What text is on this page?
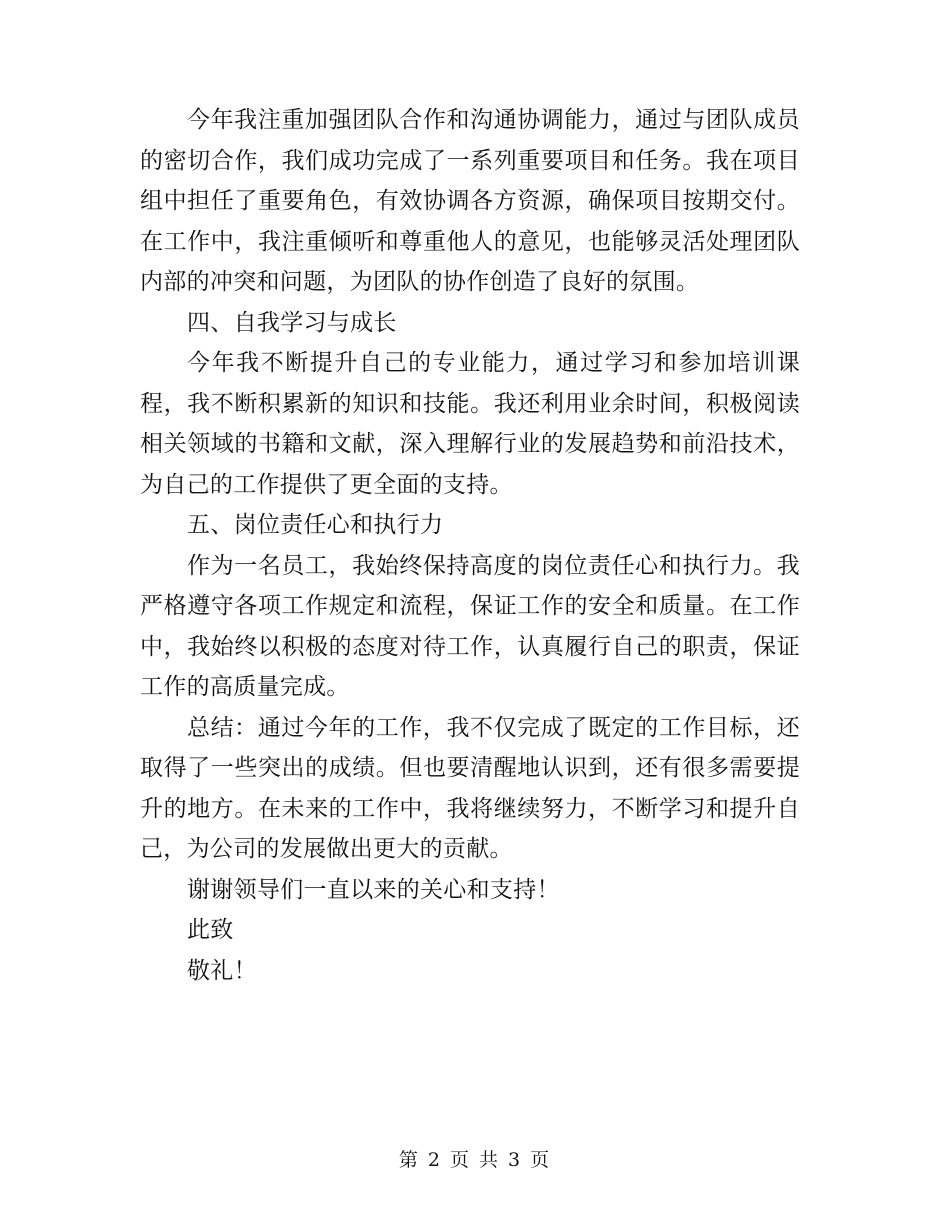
今年我注重加强团队合作和沟通协调能力，通过与团队成员的密切合作，我们成功完成了一系列重要项目和任务。我在项目组中担任了重要角色，有效协调各方资源，确保项目按期交付。在工作中，我注重倾听和尊重他人的意见，也能够灵活处理团队内部的冲突和问题，为团队的协作创造了良好的氛围。

四、自我学习与成长

今年我不断提升自己的专业能力，通过学习和参加培训课程，我不断积累新的知识和技能。我还利用业余时间，积极阅读相关领域的书籍和文献，深入理解行业的发展趋势和前沿技术，为自己的工作提供了更全面的支持。

五、岗位责任心和执行力

作为一名员工，我始终保持高度的岗位责任心和执行力。我严格遵守各项工作规定和流程，保证工作的安全和质量。在工作中，我始终以积极的态度对待工作，认真履行自己的职责，保证工作的高质量完成。

总结：通过今年的工作，我不仅完成了既定的工作目标，还取得了一些突出的成绩。但也要清醒地认识到，还有很多需要提升的地方。在未来的工作中，我将继续努力，不断学习和提升自己，为公司的发展做出更大的贡献。

谢谢领导们一直以来的关心和支持！

此致

敬礼！

第 2 页 共 3 页
